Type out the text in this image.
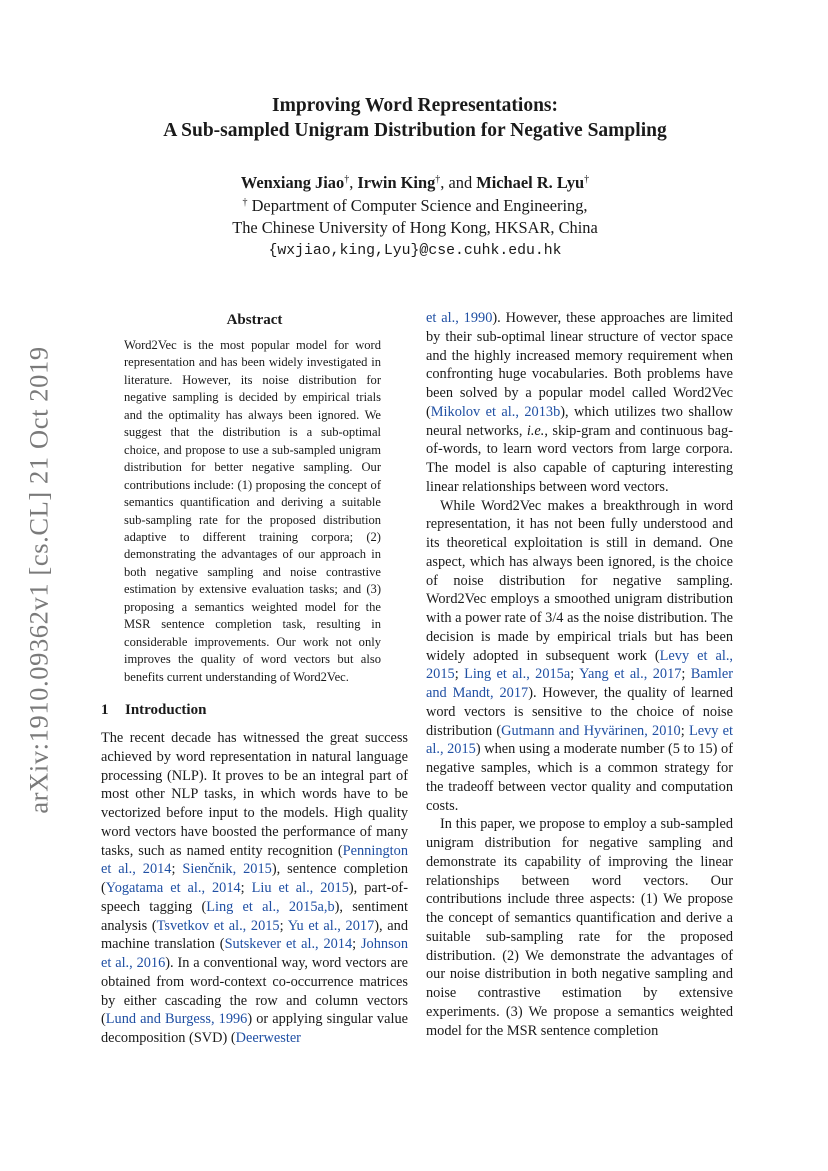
arXiv:1910.09362v1 [cs.CL] 21 Oct 2019
Improving Word Representations:
A Sub-sampled Unigram Distribution for Negative Sampling
Wenxiang Jiao†, Irwin King†, and Michael R. Lyu†
† Department of Computer Science and Engineering,
The Chinese University of Hong Kong, HKSAR, China
{wxjiao,king,Lyu}@cse.cuhk.edu.hk
Abstract

Word2Vec is the most popular model for word representation and has been widely investigated in literature. However, its noise distribution for negative sampling is decided by empirical trials and the optimality has always been ignored. We suggest that the distribution is a sub-optimal choice, and propose to use a sub-sampled unigram distribution for better negative sampling. Our contributions include: (1) proposing the concept of semantics quantification and deriving a suitable sub-sampling rate for the proposed distribution adaptive to different training corpora; (2) demonstrating the advantages of our approach in both negative sampling and noise contrastive estimation by extensive evaluation tasks; and (3) proposing a semantics weighted model for the MSR sentence completion task, resulting in considerable improvements. Our work not only improves the quality of word vectors but also benefits current understanding of Word2Vec.

1 Introduction

The recent decade has witnessed the great success achieved by word representation in natural language processing (NLP). It proves to be an integral part of most other NLP tasks, in which words have to be vectorized before input to the models. High quality word vectors have boosted the performance of many tasks, such as named entity recognition (Pennington et al., 2014; Sienčnik, 2015), sentence completion (Yogatama et al., 2014; Liu et al., 2015), part-of-speech tagging (Ling et al., 2015a,b), sentiment analysis (Tsvetkov et al., 2015; Yu et al., 2017), and machine translation (Sutskever et al., 2014; Johnson et al., 2016). In a conventional way, word vectors are obtained from word-context co-occurrence matrices by either cascading the row and column vectors (Lund and Burgess, 1996) or applying singular value decomposition (SVD) (Deerwester

et al., 1990). However, these approaches are limited by their sub-optimal linear structure of vector space and the highly increased memory requirement when confronting huge vocabularies. Both problems have been solved by a popular model called Word2Vec (Mikolov et al., 2013b), which utilizes two shallow neural networks, i.e., skip-gram and continuous bag-of-words, to learn word vectors from large corpora. The model is also capable of capturing interesting linear relationships between word vectors.

While Word2Vec makes a breakthrough in word representation, it has not been fully understood and its theoretical exploitation is still in demand. One aspect, which has always been ignored, is the choice of noise distribution for negative sampling. Word2Vec employs a smoothed unigram distribution with a power rate of 3/4 as the noise distribution. The decision is made by empirical trials but has been widely adopted in subsequent work (Levy et al., 2015; Ling et al., 2015a; Yang et al., 2017; Bamler and Mandt, 2017). However, the quality of learned word vectors is sensitive to the choice of noise distribution (Gutmann and Hyvärinen, 2010; Levy et al., 2015) when using a moderate number (5 to 15) of negative samples, which is a common strategy for the tradeoff between vector quality and computation costs.

In this paper, we propose to employ a sub-sampled unigram distribution for negative sampling and demonstrate its capability of improving the linear relationships between word vectors. Our contributions include three aspects: (1) We propose the concept of semantics quantification and derive a suitable sub-sampling rate for the proposed distribution. (2) We demonstrate the advantages of our noise distribution in both negative sampling and noise contrastive estimation by extensive experiments. (3) We propose a semantics weighted model for the MSR sentence completion
